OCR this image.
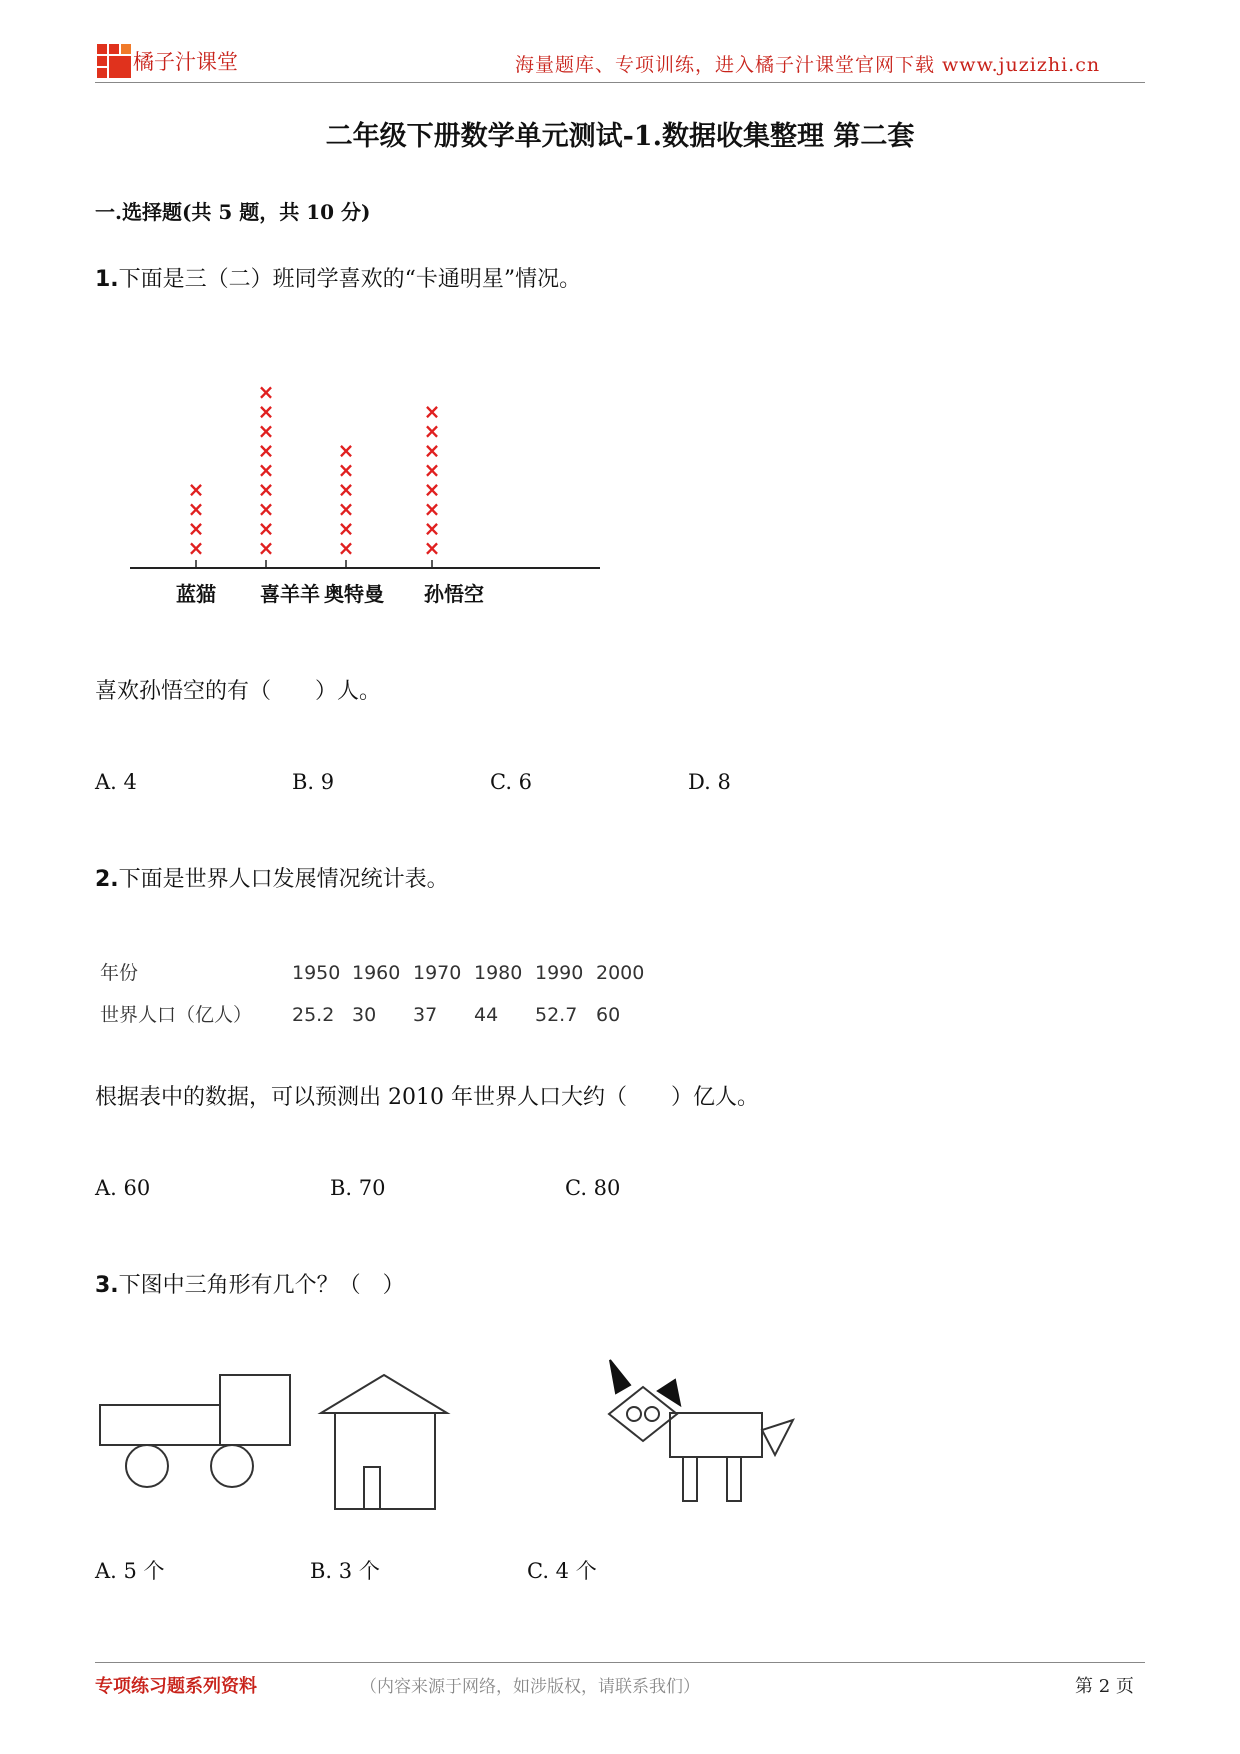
橘子汁课堂	海量题库、专项训练，进入橘子汁课堂官网下载 www.juzizhi.cn
二年级下册数学单元测试-1.数据收集整理 第二套
一.选择题(共 5 题，共 10 分)
1.下面是三（二）班同学喜欢的“卡通明星”情况。
×
×
×
×
蓝猫
×
×
×
×
×
×
×
×
×
喜羊羊
×
×
×
×
×
×
奥特曼
×
×
×
×
×
×
×
×
孙悟空
喜欢孙悟空的有（　　）人。
A. 4	B. 9	C. 6	D. 8
2.下面是世界人口发展情况统计表。
年份	1950 1960 1970 1980 1990 2000
世界人口（亿人） 25.2 30 37 44 52.7 60
根据表中的数据，可以预测出 2010 年世界人口大约（　　）亿人。
A. 60	B. 70	C. 80
3.下图中三角形有几个？（　）
A. 5 个	B. 3 个	C. 4 个
专项练习题系列资料	（内容来源于网络，如涉版权，请联系我们）	第 2 页
